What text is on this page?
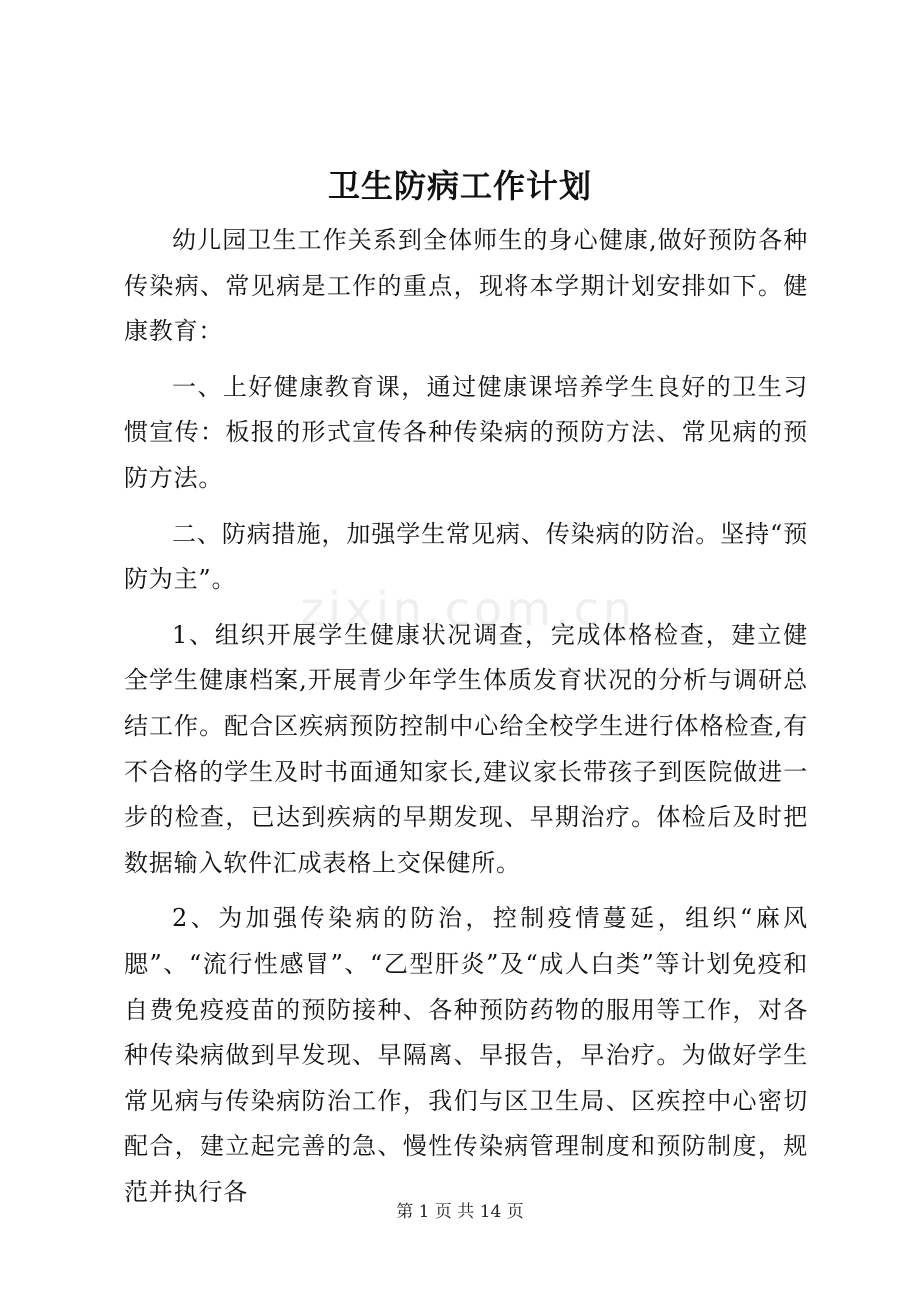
卫生防病工作计划

幼儿园卫生工作关系到全体师生的身心健康,做好预防各种传染病、常见病是工作的重点，现将本学期计划安排如下。健康教育：

一、上好健康教育课，通过健康课培养学生良好的卫生习惯宣传：板报的形式宣传各种传染病的预防方法、常见病的预防方法。

二、防病措施，加强学生常见病、传染病的防治。坚持“预防为主”。

1、组织开展学生健康状况调查，完成体格检查，建立健全学生健康档案,开展青少年学生体质发育状况的分析与调研总结工作。配合区疾病预防控制中心给全校学生进行体格检查,有不合格的学生及时书面通知家长,建议家长带孩子到医院做进一步的检查，已达到疾病的早期发现、早期治疗。体检后及时把数据输入软件汇成表格上交保健所。

2、为加强传染病的防治，控制疫情蔓延，组织“麻风腮”、“流行性感冒”、“乙型肝炎”及“成人白类”等计划免疫和自费免疫疫苗的预防接种、各种预防药物的服用等工作，对各种传染病做到早发现、早隔离、早报告，早治疗。为做好学生常见病与传染病防治工作，我们与区卫生局、区疾控中心密切配合，建立起完善的急、慢性传染病管理制度和预防制度，规范并执行各

zixin.com.cn
第 1 页 共 14 页
